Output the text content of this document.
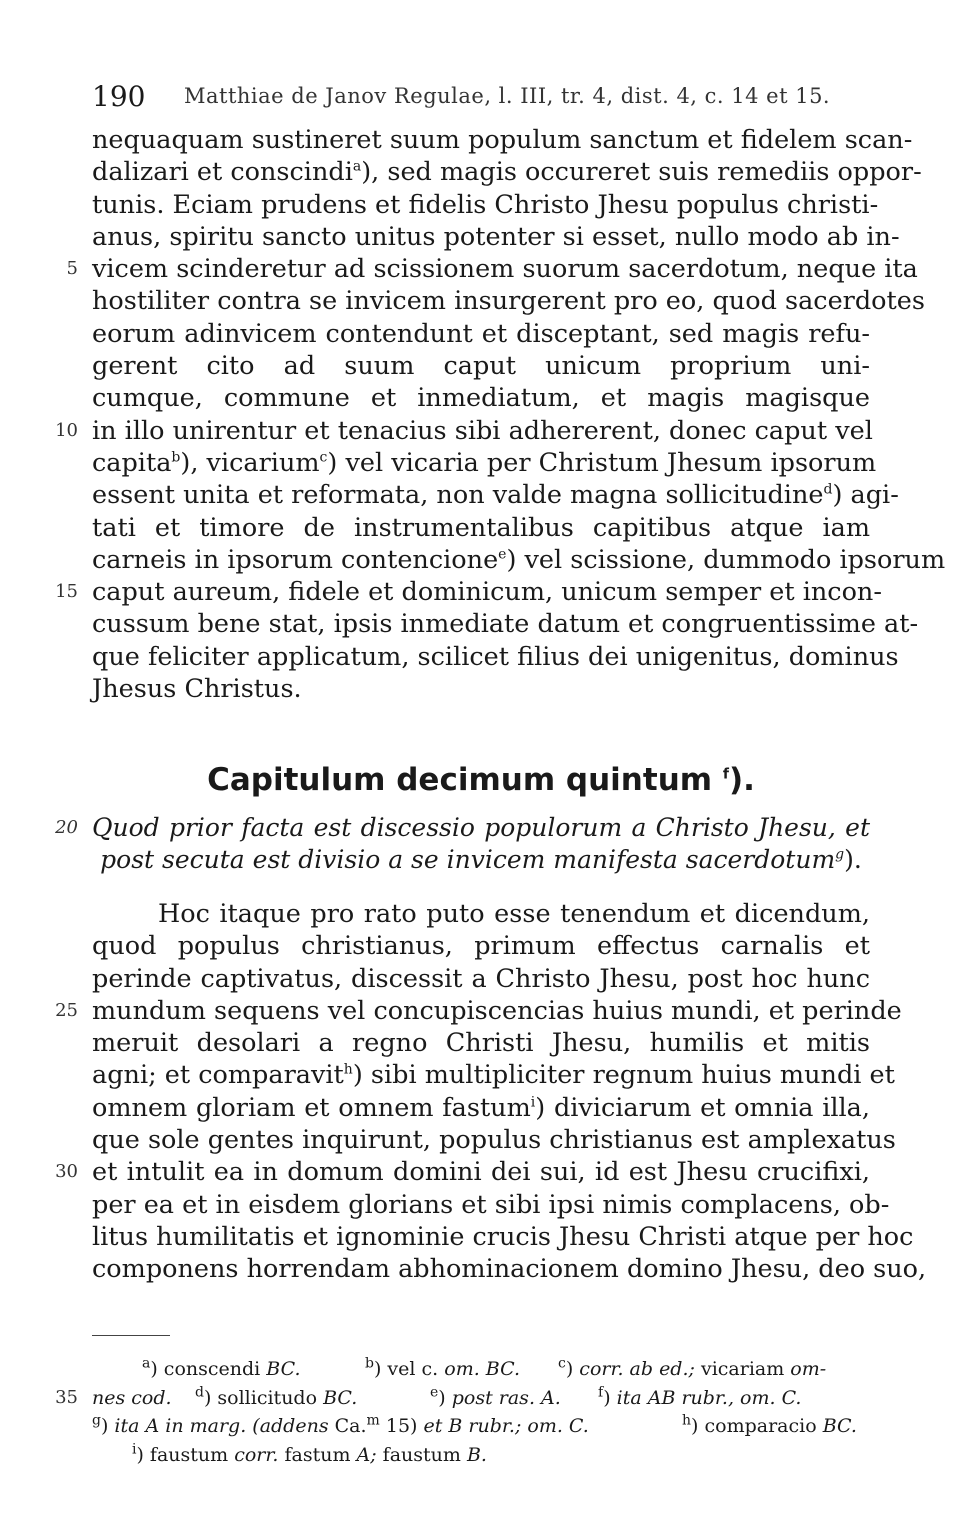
190 Matthiae de Janov Regulae, l. III, tr. 4, dist. 4, c. 14 et 15.
nequaquam sustineret suum populum sanctum et fidelem scan-
dalizari et conscindi$^a$), sed magis occureret suis remediis oppor-
tunis. Eciam prudens et fidelis Christo Jhesu populus christi-
anus, spiritu sancto unitus potenter si esset, nullo modo ab in-
5 vicem scinderetur ad scissionem suorum sacerdotum, neque ita
hostiliter contra se invicem insurgerent pro eo, quod sacerdotes
eorum adinvicem contendunt et disceptant, sed magis refu-
gerent cito ad suum caput unicum proprium uni-
cumque, commune et inmediatum, et magis magisque
10 in illo unirentur et tenacius sibi adhererent, donec caput vel
capita$^b$), vicarium$^c$) vel vicaria per Christum Jhesum ipsorum
essent unita et reformata, non valde magna sollicitudine$^d$) agi-
tati et timore de instrumentalibus capitibus atque iam
carneis in ipsorum contencione$^e$) vel scissione, dummodo ipsorum
15 caput aureum, fidele et dominicum, unicum semper et incon-
cussum bene stat, ipsis inmediate datum et congruentissime at-
que feliciter applicatum, scilicet filius dei unigenitus, dominus
Jhesus Christus.
Capitulum decimum quintum $^f$).
20 Quod prior facta est discessio populorum a Christo Jhesu, et
post secuta est divisio a se invicem manifesta sacerdotum$^g$).
Hoc itaque pro rato puto esse tenendum et dicendum,
quod populus christianus, primum effectus carnalis et
perinde captivatus, discessit a Christo Jhesu, post hoc hunc
25 mundum sequens vel concupiscencias huius mundi, et perinde
meruit desolari a regno Christi Jhesu, humilis et mitis
agni; et comparavit$^h$) sibi multipliciter regnum huius mundi et
omnem gloriam et omnem fastum$^i$) diviciarum et omnia illa,
que sole gentes inquirunt, populus christianus est amplexatus
30 et intulit ea in domum domini dei sui, id est Jhesu crucifixi,
per ea et in eisdem glorians et sibi ipsi nimis complacens, ob-
litus humilitatis et ignominie crucis Jhesu Christi atque per hoc
componens horrendam abhominacionem domino Jhesu, deo suo,
$^a$) conscendi BC.	$^b$) vel c. om. BC.	$^c$) corr. ab ed.; vicariam om-
35 nes cod. $^d$) sollicitudo BC.	$^e$) post ras. A.	$^f$) ita AB rubr., om. C.
$^g$) ita A in marg. (addens Ca.$^m$ 15) et B rubr.; om. C.	$^h$) comparacio BC.
$^i$) faustum corr. fastum A; faustum B.
